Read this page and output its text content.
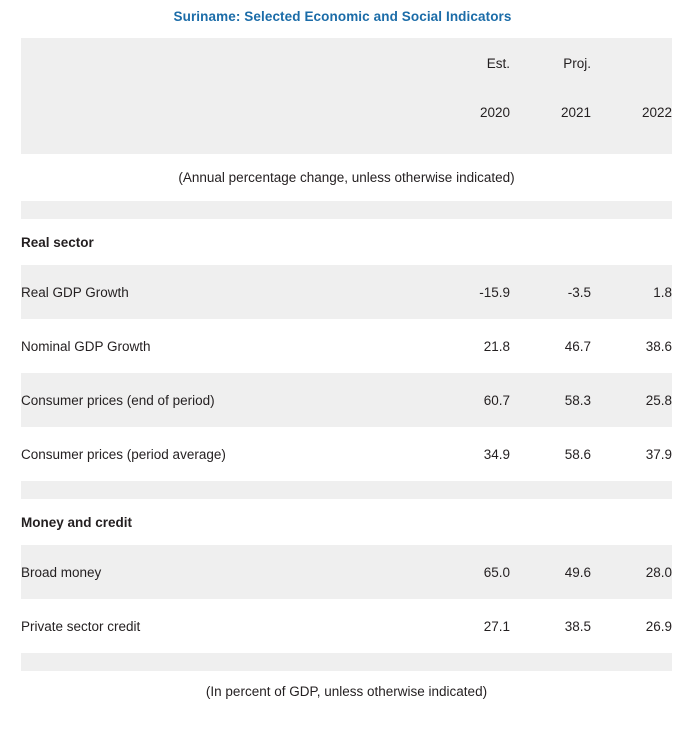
Suriname: Selected Economic and Social Indicators
	Est.	Proj.	
	2020	2021	2022

(Annual percentage change, unless otherwise indicated)			

Real sector			
Real GDP Growth	-15.9	-3.5	1.8
Nominal GDP Growth	21.8	46.7	38.6
Consumer prices (end of period)	60.7	58.3	25.8
Consumer prices (period average)	34.9	58.6	37.9

Money and credit			
Broad money	65.0	49.6	28.0
Private sector credit	27.1	38.5	26.9

(In percent of GDP, unless otherwise indicated)			
